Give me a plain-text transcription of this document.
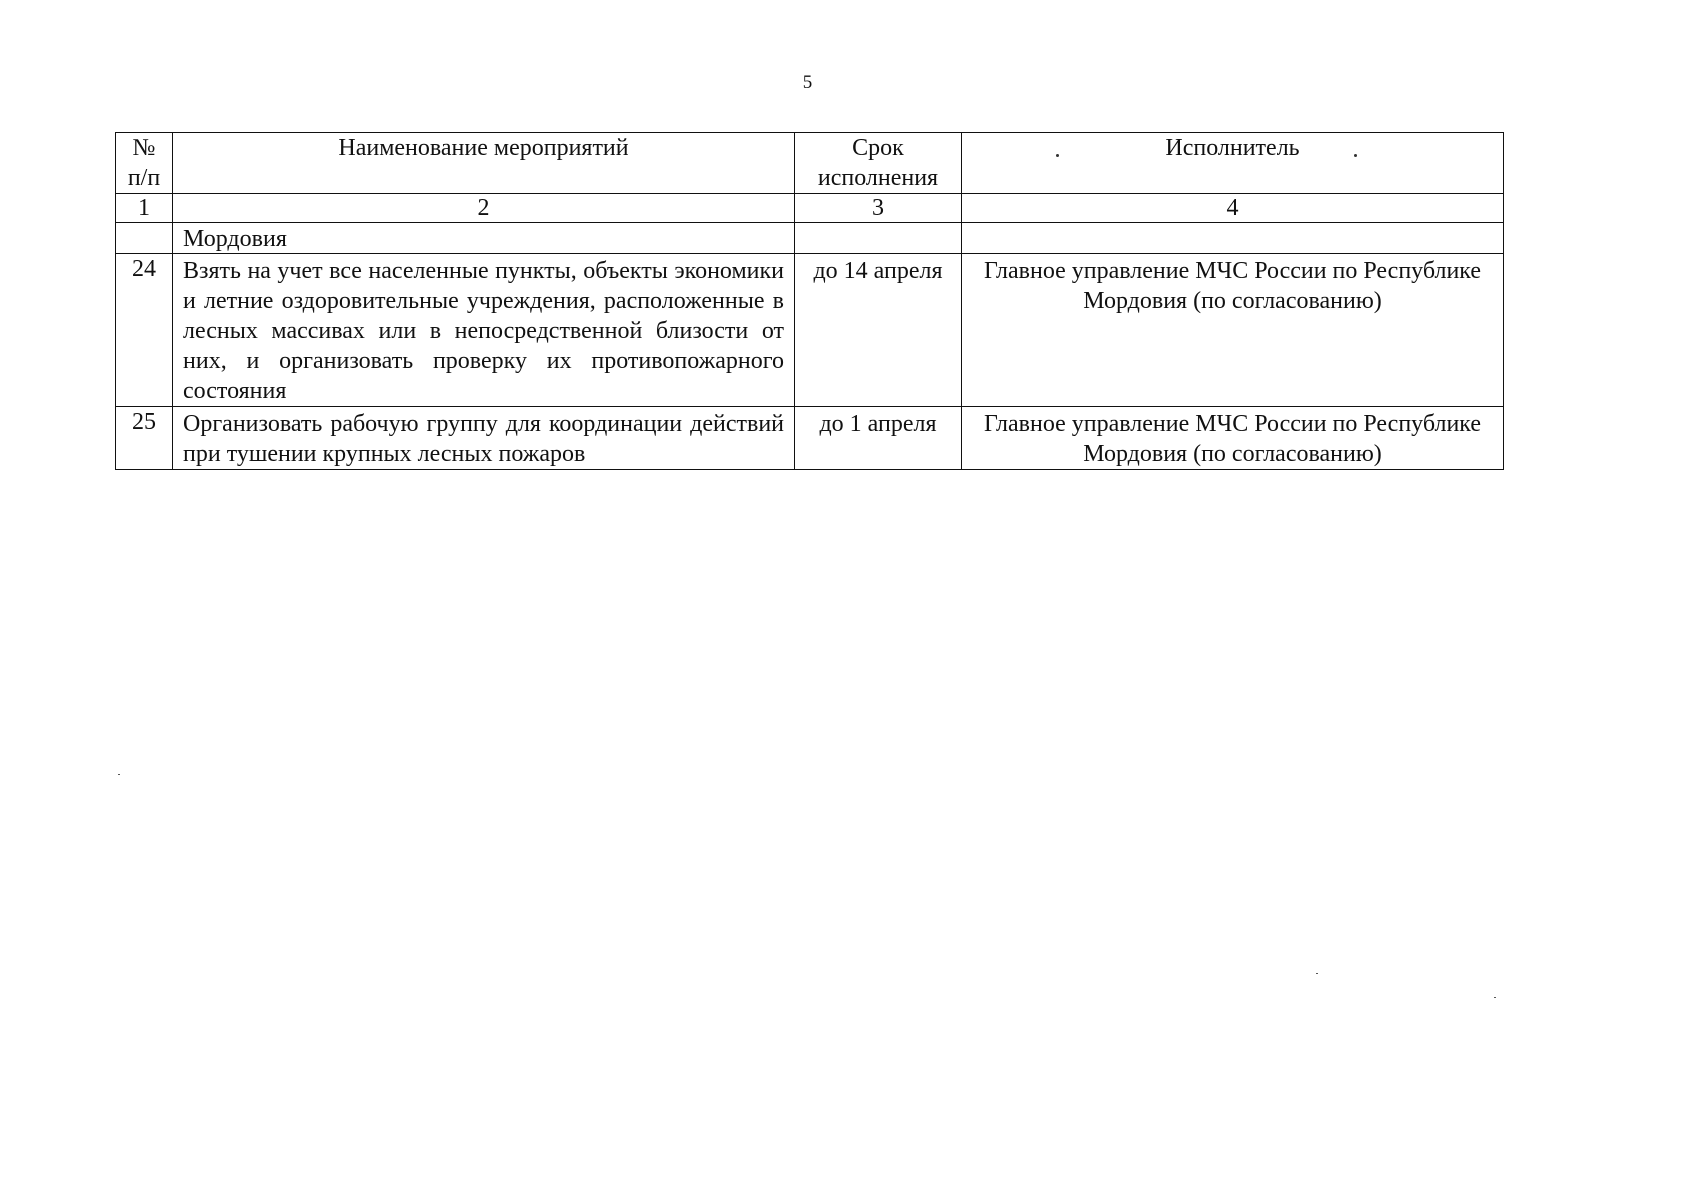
5
№ п/п	Наименование мероприятий	Срок исполнения	Исполнитель
1	2	3	4
	Мордовия		
24	Взять на учет все населенные пункты, объекты экономики и летние оздоровительные учреждения, расположенные в лесных массивах или в непосредственной близости от них, и организовать проверку их противопожарного состояния	до 14 апреля	Главное управление МЧС России по Республике Мордовия (по согласованию)
25	Организовать рабочую группу для координации действий при тушении крупных лесных пожаров	до 1 апреля	Главное управление МЧС России по Республике Мордовия (по согласованию)
